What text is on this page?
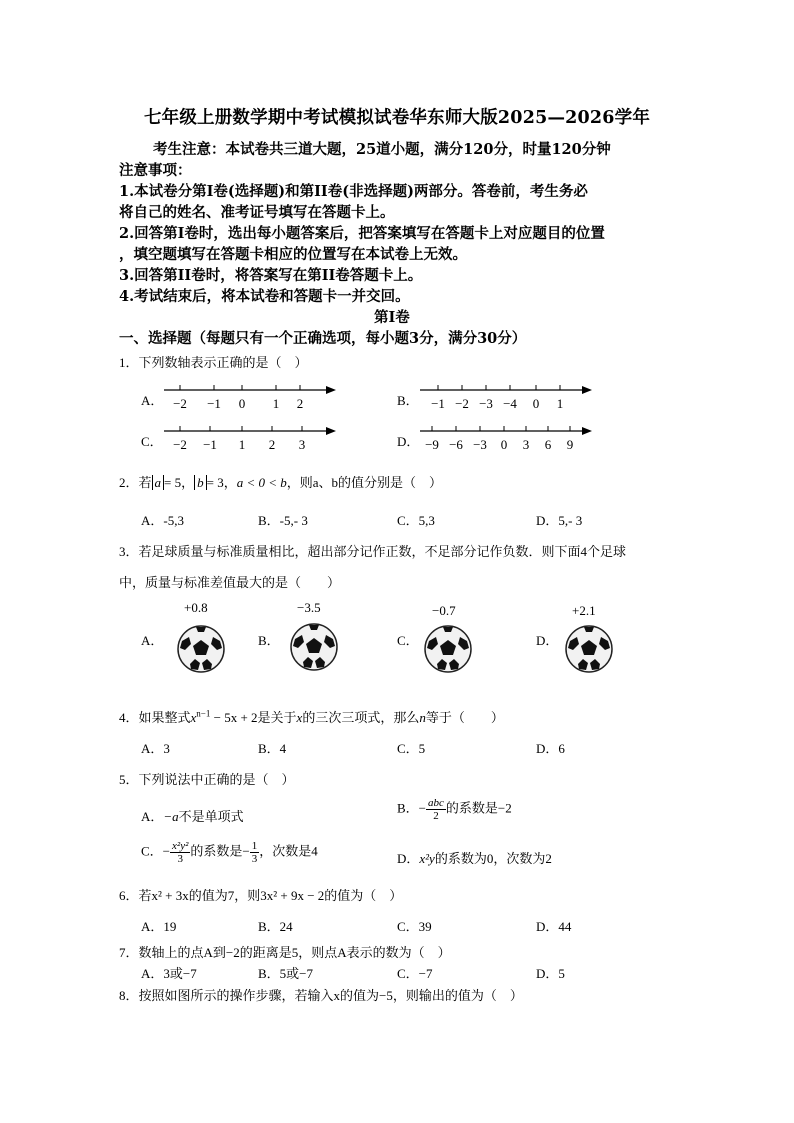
七年级上册数学期中考试模拟试卷华东师大版2025—2026学年
考生注意：本试卷共三道大题，25道小题，满分120分，时量120分钟
注意事项：
1.本试卷分第Ⅰ卷(选择题)和第II卷(非选择题)两部分。答卷前，考生务必
将自己的姓名、准考证号填写在答题卡上。
2.回答第Ⅰ卷时，选出每小题答案后，把答案填写在答题卡上对应题目的位置
，填空题填写在答题卡相应的位置写在本试卷上无效。
3.回答第II卷时，将答案写在第II卷答题卡上。
4.考试结束后，将本试卷和答题卡一并交回。
第Ⅰ卷
一、选择题（每题只有一个正确选项，每小题3分，满分30分）
1．下列数轴表示正确的是（　）
A． −2 −1 0 1 2	B． −1 −2 −3 −4 0 1
C． −2 −1 1 2 3	D． −9 −6 −3 0 3 6 9
2．若 a = 5， b = 3，a < 0 < b，则a、b的值分别是（　）
A．-5,3	B．-5,- 3	C．5,3	D．5,- 3
3．若足球质量与标准质量相比，超出部分记作正数，不足部分记作负数．则下面4个足球
中，质量与标准差值最大的是（　　）
A．
+0.8
B．
−3.5
C．
−0.7
D．
+2.1
4．如果整式$x^{n-1} - 5x + 2$是关于x的三次三项式，那么n等于（　　）
A．3	B．4	C．5	D．6
5．下列说法中正确的是（　）
A．−a不是单项式
B．− $\frac{\text{abc}}{2}$ 的系数是−2
C．− $\frac{\text{x²y²}}{3}$ 的系数是− $\frac{1}{3}$ ，次数是4
D．x²y的系数为0，次数为2
6．若x² + 3x的值为7，则3x² + 9x − 2的值为（　）
A．19	B．24	C．39	D．44
7．数轴上的点A到−2的距离是5，则点A表示的数为（　）
A．3或−7	B．5或−7	C．−7	D．5
8．按照如图所示的操作步骤，若输入x的值为−5，则输出的值为（　）
